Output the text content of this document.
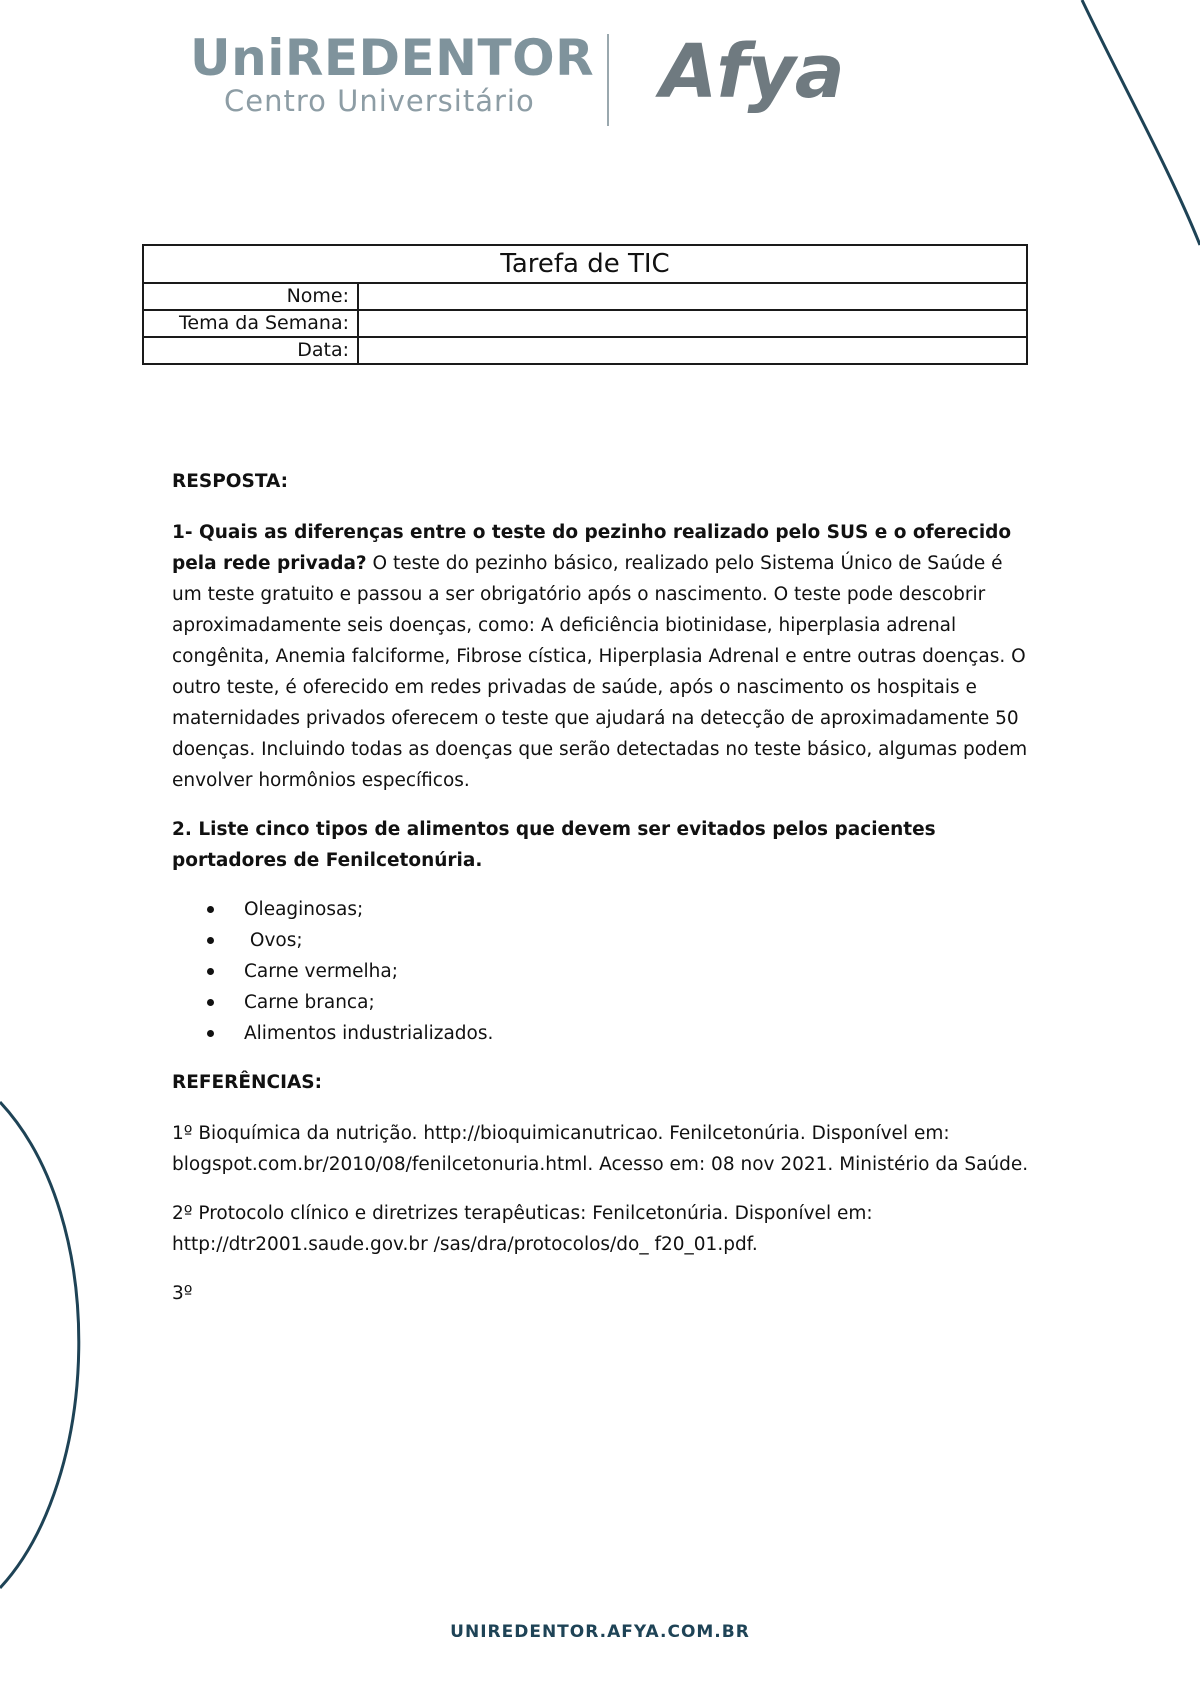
UniREDENTOR
Centro Universitário	Afya
Tarefa de TIC	
Nome:	
Tema da Semana:	
Data:	
RESPOSTA:
1- Quais as diferenças entre o teste do pezinho realizado pelo SUS e o oferecido pela rede privada? O teste do pezinho básico, realizado pelo Sistema Único de Saúde é um teste gratuito e passou a ser obrigatório após o nascimento. O teste pode descobrir aproximadamente seis doenças, como: A deficiência biotinidase, hiperplasia adrenal congênita, Anemia falciforme, Fibrose cística, Hiperplasia Adrenal e entre outras doenças. O outro teste, é oferecido em redes privadas de saúde, após o nascimento os hospitais e maternidades privados oferecem o teste que ajudará na detecção de aproximadamente 50 doenças. Incluindo todas as doenças que serão detectadas no teste básico, algumas podem envolver hormônios específicos.
2. Liste cinco tipos de alimentos que devem ser evitados pelos pacientes portadores de Fenilcetonúria.
Oleaginosas;
Ovos;
Carne vermelha;
Carne branca;
Alimentos industrializados.
REFERÊNCIAS:
1º Bioquímica da nutrição. http://bioquimicanutricao. Fenilcetonúria. Disponível em: blogspot.com.br/2010/08/fenilcetonuria.html. Acesso em: 08 nov 2021. Ministério da Saúde.
2º Protocolo clínico e diretrizes terapêuticas: Fenilcetonúria. Disponível em: http://dtr2001.saude.gov.br /sas/dra/protocolos/do_ f20_01.pdf.
3º
UNIREDENTOR.AFYA.COM.BR
